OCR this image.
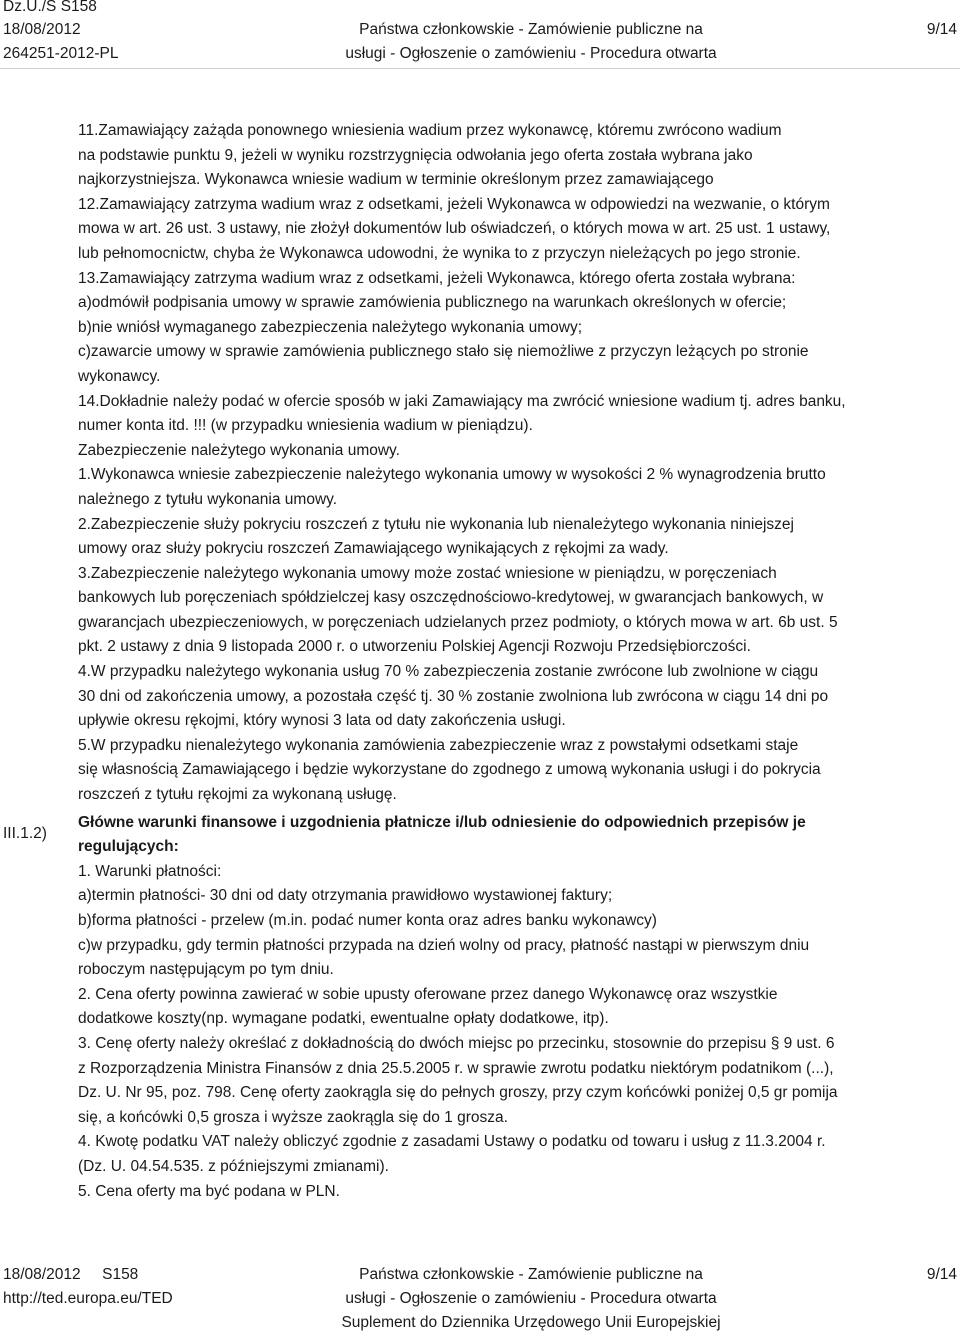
Dz.U./S S158
18/08/2012
264251-2012-PL
Państwa członkowskie - Zamówienie publiczne na
usługi - Ogłoszenie o zamówieniu - Procedura otwarta
9/14
III.1.2)

11.Zamawiający zażąda ponownego wniesienia wadium przez wykonawcę, któremu zwrócono wadium
na podstawie punktu 9, jeżeli w wyniku rozstrzygnięcia odwołania jego oferta została wybrana jako
najkorzystniejsza. Wykonawca wniesie wadium w terminie określonym przez zamawiającego

12.Zamawiający zatrzyma wadium wraz z odsetkami, jeżeli Wykonawca w odpowiedzi na wezwanie, o którym
mowa w art. 26 ust. 3 ustawy, nie złożył dokumentów lub oświadczeń, o których mowa w art. 25 ust. 1 ustawy,
lub pełnomocnictw, chyba że Wykonawca udowodni, że wynika to z przyczyn nieleżących po jego stronie.

13.Zamawiający zatrzyma wadium wraz z odsetkami, jeżeli Wykonawca, którego oferta została wybrana:

a)odmówił podpisania umowy w sprawie zamówienia publicznego na warunkach określonych w ofercie;

b)nie wniósł wymaganego zabezpieczenia należytego wykonania umowy;

c)zawarcie umowy w sprawie zamówienia publicznego stało się niemożliwe z przyczyn leżących po stronie
wykonawcy.

14.Dokładnie należy podać w ofercie sposób w jaki Zamawiający ma zwrócić wniesione wadium tj. adres banku,
numer konta itd. !!! (w przypadku wniesienia wadium w pieniądzu).

Zabezpieczenie należytego wykonania umowy.

1.Wykonawca wniesie zabezpieczenie należytego wykonania umowy w wysokości 2 % wynagrodzenia brutto
należnego z tytułu wykonania umowy.

2.Zabezpieczenie służy pokryciu roszczeń z tytułu nie wykonania lub nienależytego wykonania niniejszej
umowy oraz służy pokryciu roszczeń Zamawiającego wynikających z rękojmi za wady.

3.Zabezpieczenie należytego wykonania umowy może zostać wniesione w pieniądzu, w poręczeniach
bankowych lub poręczeniach spółdzielczej kasy oszczędnościowo-kredytowej, w gwarancjach bankowych, w
gwarancjach ubezpieczeniowych, w poręczeniach udzielanych przez podmioty, o których mowa w art. 6b ust. 5
pkt. 2 ustawy z dnia 9 listopada 2000 r. o utworzeniu Polskiej Agencji Rozwoju Przedsiębiorczości.

4.W przypadku należytego wykonania usług 70 % zabezpieczenia zostanie zwrócone lub zwolnione w ciągu
30 dni od zakończenia umowy, a pozostała część tj. 30 % zostanie zwolniona lub zwrócona w ciągu 14 dni po
upływie okresu rękojmi, który wynosi 3 lata od daty zakończenia usługi.

5.W przypadku nienależytego wykonania zamówienia zabezpieczenie wraz z powstałymi odsetkami staje
się własnością Zamawiającego i będzie wykorzystane do zgodnego z umową wykonania usługi i do pokrycia
roszczeń z tytułu rękojmi za wykonaną usługę.

Główne warunki finansowe i uzgodnienia płatnicze i/lub odniesienie do odpowiednich przepisów je
regulujących:

1. Warunki płatności:

a)termin płatności- 30 dni od daty otrzymania prawidłowo wystawionej faktury;

b)forma płatności - przelew (m.in. podać numer konta oraz adres banku wykonawcy)

c)w przypadku, gdy termin płatności przypada na dzień wolny od pracy, płatność nastąpi w pierwszym dniu
roboczym następującym po tym dniu.

2. Cena oferty powinna zawierać w sobie upusty oferowane przez danego Wykonawcę oraz wszystkie
dodatkowe koszty(np. wymagane podatki, ewentualne opłaty dodatkowe, itp).

3. Cenę oferty należy określać z dokładnością do dwóch miejsc po przecinku, stosownie do przepisu § 9 ust. 6
z Rozporządzenia Ministra Finansów z dnia 25.5.2005 r. w sprawie zwrotu podatku niektórym podatnikom (...),
Dz. U. Nr 95, poz. 798. Cenę oferty zaokrągla się do pełnych groszy, przy czym końcówki poniżej 0,5 gr pomija
się, a końcówki 0,5 grosza i wyższe zaokrągla się do 1 grosza.

4. Kwotę podatku VAT należy obliczyć zgodnie z zasadami Ustawy o podatku od towaru i usług z 11.3.2004 r.
(Dz. U. 04.54.535. z późniejszymi zmianami).

5. Cena oferty ma być podana w PLN.

18/08/2012     S158
http://ted.europa.eu/TED
Państwa członkowskie - Zamówienie publiczne na
usługi - Ogłoszenie o zamówieniu - Procedura otwarta
Suplement do Dziennika Urzędowego Unii Europejskiej
9/14
